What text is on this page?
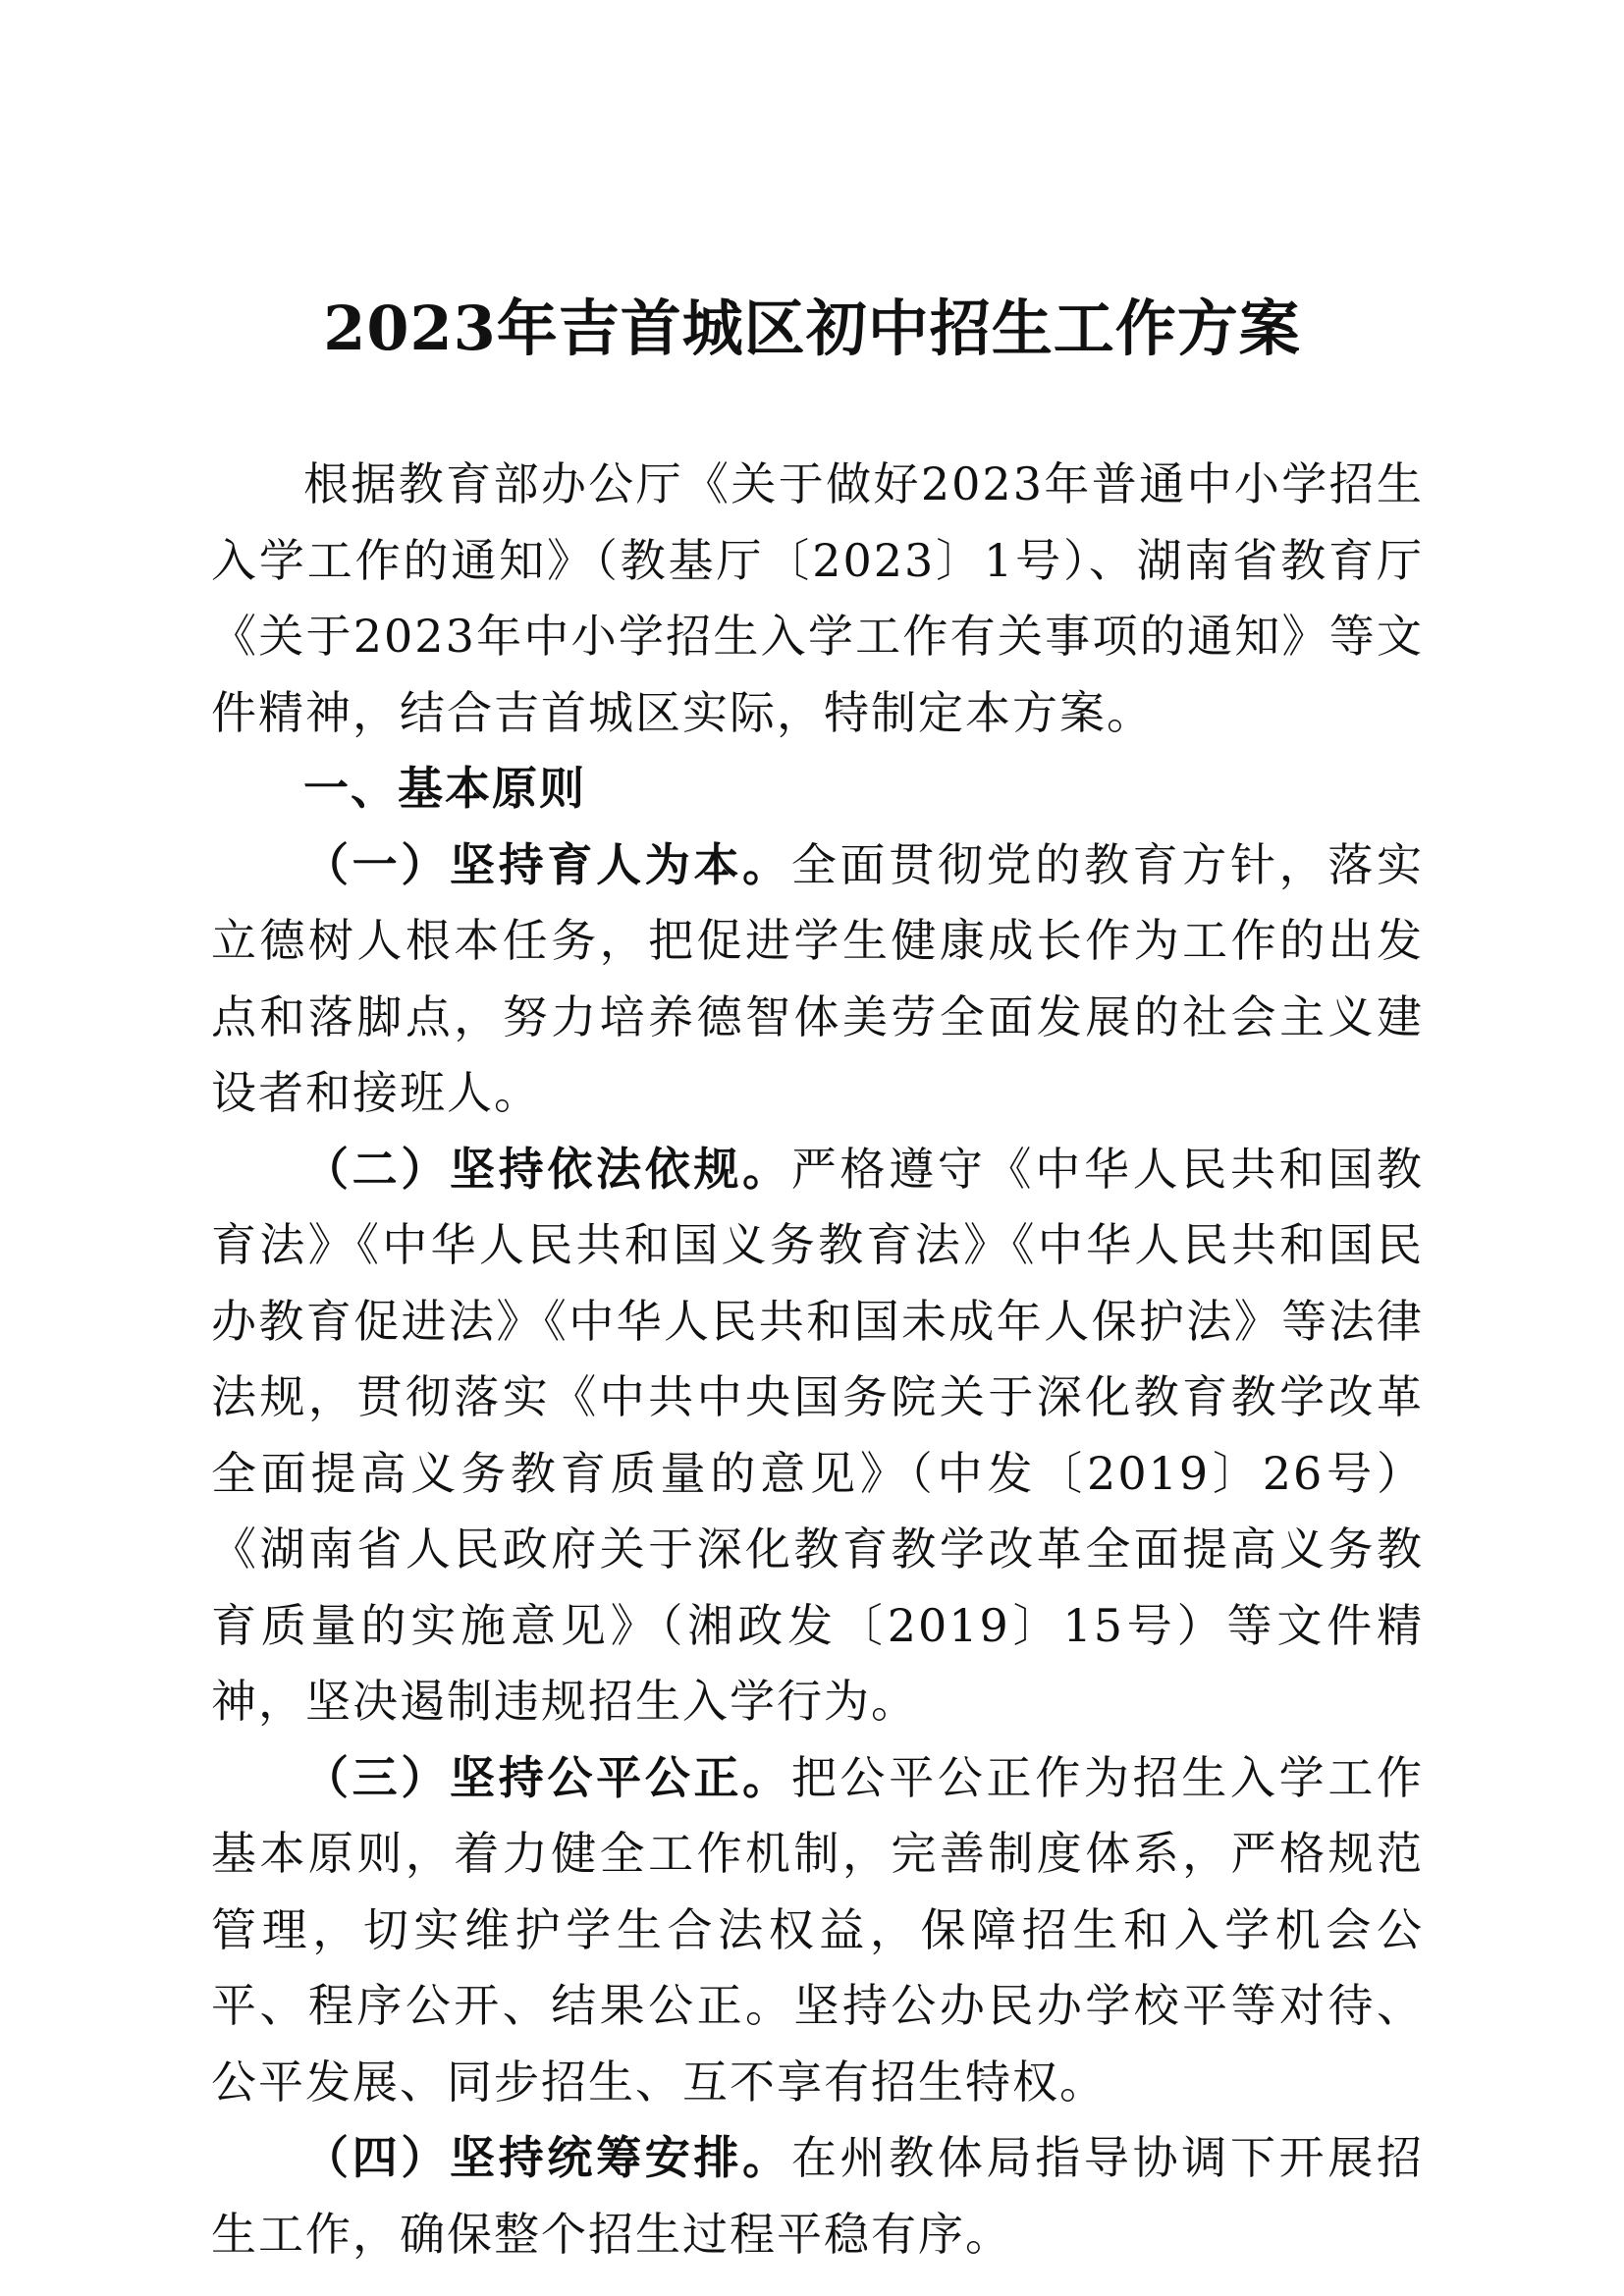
2023年吉首城区初中招生工作方案

根据教育部办公厅《关于做好2023年普通中小学招生入学工作的通知》（教基厅〔2023〕1号）、湖南省教育厅《关于2023年中小学招生入学工作有关事项的通知》等文件精神，结合吉首城区实际，特制定本方案。

一、基本原则

（一）坚持育人为本。全面贯彻党的教育方针，落实立德树人根本任务，把促进学生健康成长作为工作的出发点和落脚点，努力培养德智体美劳全面发展的社会主义建设者和接班人。

（二）坚持依法依规。严格遵守《中华人民共和国教育法》《中华人民共和国义务教育法》《中华人民共和国民办教育促进法》《中华人民共和国未成年人保护法》等法律法规，贯彻落实《中共中央国务院关于深化教育教学改革全面提高义务教育质量的意见》（中发〔2019〕26号）《湖南省人民政府关于深化教育教学改革全面提高义务教育质量的实施意见》（湘政发〔2019〕15号）等文件精神，坚决遏制违规招生入学行为。

（三）坚持公平公正。把公平公正作为招生入学工作基本原则，着力健全工作机制，完善制度体系，严格规范管理，切实维护学生合法权益，保障招生和入学机会公平、程序公开、结果公正。坚持公办民办学校平等对待、公平发展、同步招生、互不享有招生特权。

（四）坚持统筹安排。在州教体局指导协调下开展招生工作，确保整个招生过程平稳有序。
